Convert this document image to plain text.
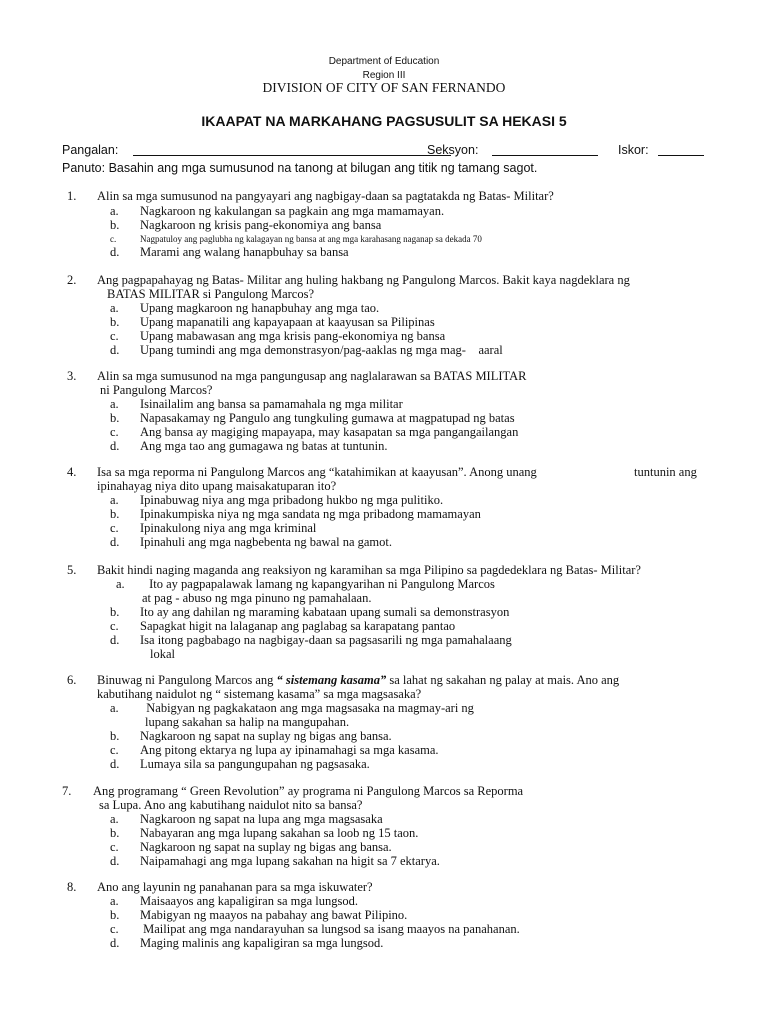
Department of Education
Region III
DIVISION OF CITY OF SAN FERNANDO
IKAAPAT NA MARKAHANG PAGSUSULIT SA HEKASI 5
Pangalan:	Seksyon:	Iskor:
Panuto: Basahin ang mga sumusunod na tanong at bilugan ang titik ng tamang sagot.
1. Alin sa mga sumusunod na pangyayari ang nagbigay-daan sa pagtatakda ng Batas- Militar?
a. Nagkaroon ng kakulangan sa pagkain ang mga mamamayan.
b. Nagkaroon ng krisis pang-ekonomiya ang bansa
c.	Nagpatuloy ang paglubha ng kalagayan ng bansa at ang mga karahasang naganap sa dekada 70
d. Marami ang walang hanapbuhay sa bansa
2. Ang pagpapahayag ng Batas- Militar ang huling hakbang ng Pangulong Marcos. Bakit kaya nagdeklara ng
BATAS MILITAR si Pangulong Marcos?
a. Upang magkaroon ng hanapbuhay ang mga tao.
b. Upang mapanatili ang kapayapaan at kaayusan sa Pilipinas
c. Upang mabawasan ang mga krisis pang-ekonomiya ng bansa
d. Upang tumindi ang mga demonstrasyon/pag-aaklas ng mga mag-    aaral
3. Alin sa mga sumusunod na mga pangungusap ang naglalarawan sa BATAS MILITAR
ni Pangulong Marcos?
a. Isinailalim ang bansa sa pamamahala ng mga militar
b. Napasakamay ng Pangulo ang tungkuling gumawa at magpatupad ng batas
c. Ang bansa ay magiging mapayapa, may kasapatan sa mga pangangailangan
d. Ang mga tao ang gumagawa ng batas at tuntunin.
4. Isa sa mga reporma ni Pangulong Marcos ang “katahimikan at kaayusan”. Anong unang	tuntunin ang
ipinahayag niya dito upang maisakatuparan ito?
a. Ipinabuwag niya ang mga pribadong hukbo ng mga pulitiko.
b. Ipinakumpiska niya ng mga sandata ng mga pribadong mamamayan
c. Ipinakulong niya ang mga kriminal
d. Ipinahuli ang mga nagbebenta ng bawal na gamot.
5. Bakit hindi naging maganda ang reaksiyon ng karamihan sa mga Pilipino sa pagdedeklara ng Batas- Militar?
a. Ito ay pagpapalawak lamang ng kapangyarihan ni Pangulong Marcos
at pag - abuso ng mga pinuno ng pamahalaan.
b. Ito ay ang dahilan ng maraming kabataan upang sumali sa demonstrasyon
c. Sapagkat higit na lalaganap ang paglabag sa karapatang pantao
d. Isa itong pagbabago na nagbigay-daan sa pagsasarili ng mga pamahalaang
lokal
6. Binuwag ni Pangulong Marcos ang “ sistemang kasama” sa lahat ng sakahan ng palay at mais. Ano ang
kabutihang naidulot ng “ sistemang kasama” sa mga magsasaka?
a.  Nabigyan ng pagkakataon ang mga magsasaka na magmay-ari ng
lupang sakahan sa halip na mangupahan.
b. Nagkaroon ng sapat na suplay ng bigas ang bansa.
c. Ang pitong ektarya ng lupa ay ipinamahagi sa mga kasama.
d. Lumaya sila sa pangungupahan ng pagsasaka.
7. Ang programang “ Green Revolution” ay programa ni Pangulong Marcos sa Reporma
sa Lupa. Ano ang kabutihang naidulot nito sa bansa?
a. Nagkaroon ng sapat na lupa ang mga magsasaka
b. Nabayaran ang mga lupang sakahan sa loob ng 15 taon.
c. Nagkaroon ng sapat na suplay ng bigas ang bansa.
d. Naipamahagi ang mga lupang sakahan na higit sa 7 ektarya.
8. Ano ang layunin ng panahanan para sa mga iskuwater?
a. Maisaayos ang kapaligiran sa mga lungsod.
b. Mabigyan ng maayos na pabahay ang bawat Pilipino.
c. Mailipat ang mga nandarayuhan sa lungsod sa isang maayos na panahanan.
d. Maging malinis ang kapaligiran sa mga lungsod.
